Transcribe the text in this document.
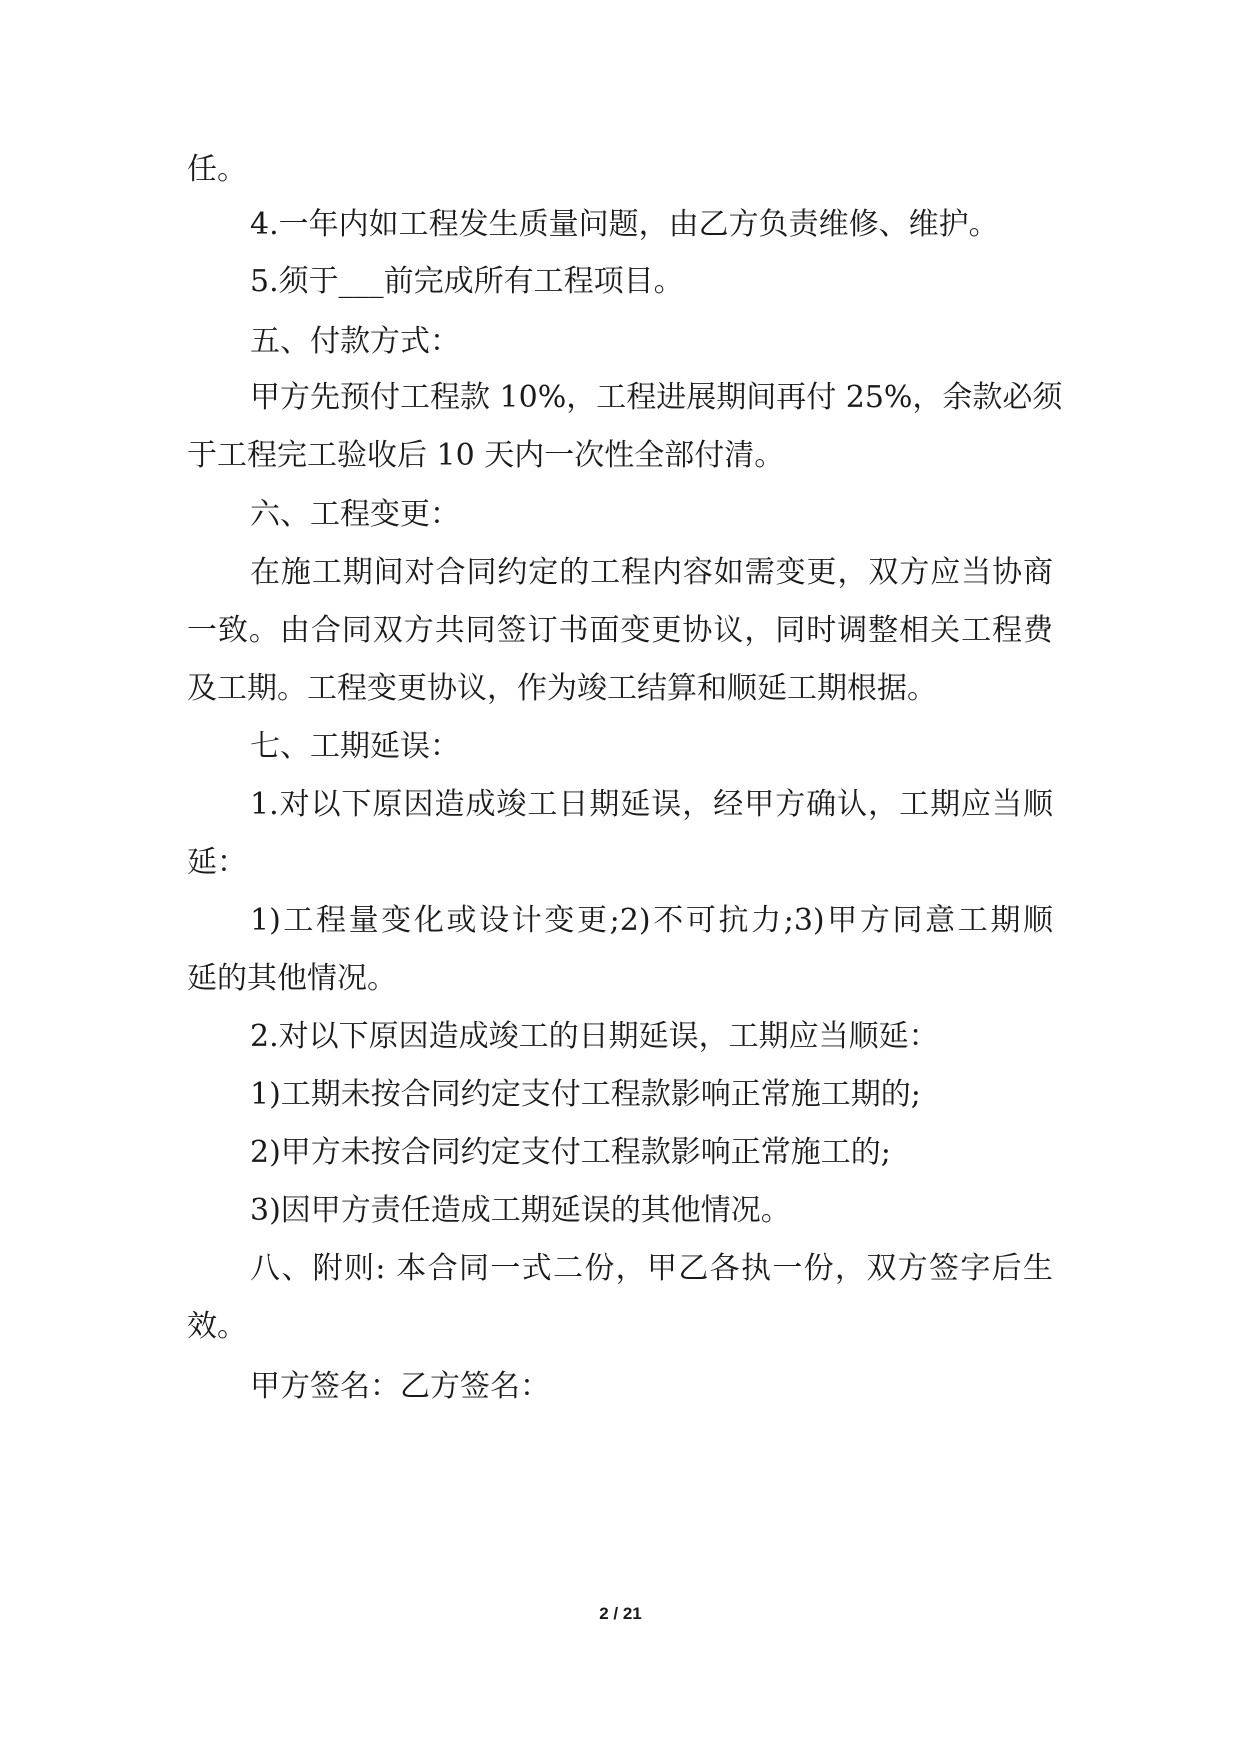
任。
4.一年内如工程发生质量问题，由乙方负责维修、维护。
5.须于___前完成所有工程项目。
五、付款方式：
甲方先预付工程款 10%，工程进展期间再付 25%，余款必须
于工程完工验收后 10 天内一次性全部付清。
六、工程变更：
在施工期间对合同约定的工程内容如需变更，双方应当协商
一致。由合同双方共同签订书面变更协议，同时调整相关工程费
及工期。工程变更协议，作为竣工结算和顺延工期根据。
七、工期延误：
1.对以下原因造成竣工日期延误，经甲方确认，工期应当顺
延：
1)工程量变化或设计变更;2)不可抗力;3)甲方同意工期顺
延的其他情况。
2.对以下原因造成竣工的日期延误，工期应当顺延：
1)工期未按合同约定支付工程款影响正常施工期的;
2)甲方未按合同约定支付工程款影响正常施工的;
3)因甲方责任造成工期延误的其他情况。
八、附则: 本合同一式二份，甲乙各执一份，双方签字后生
效。
甲方签名：乙方签名：
2 / 21
